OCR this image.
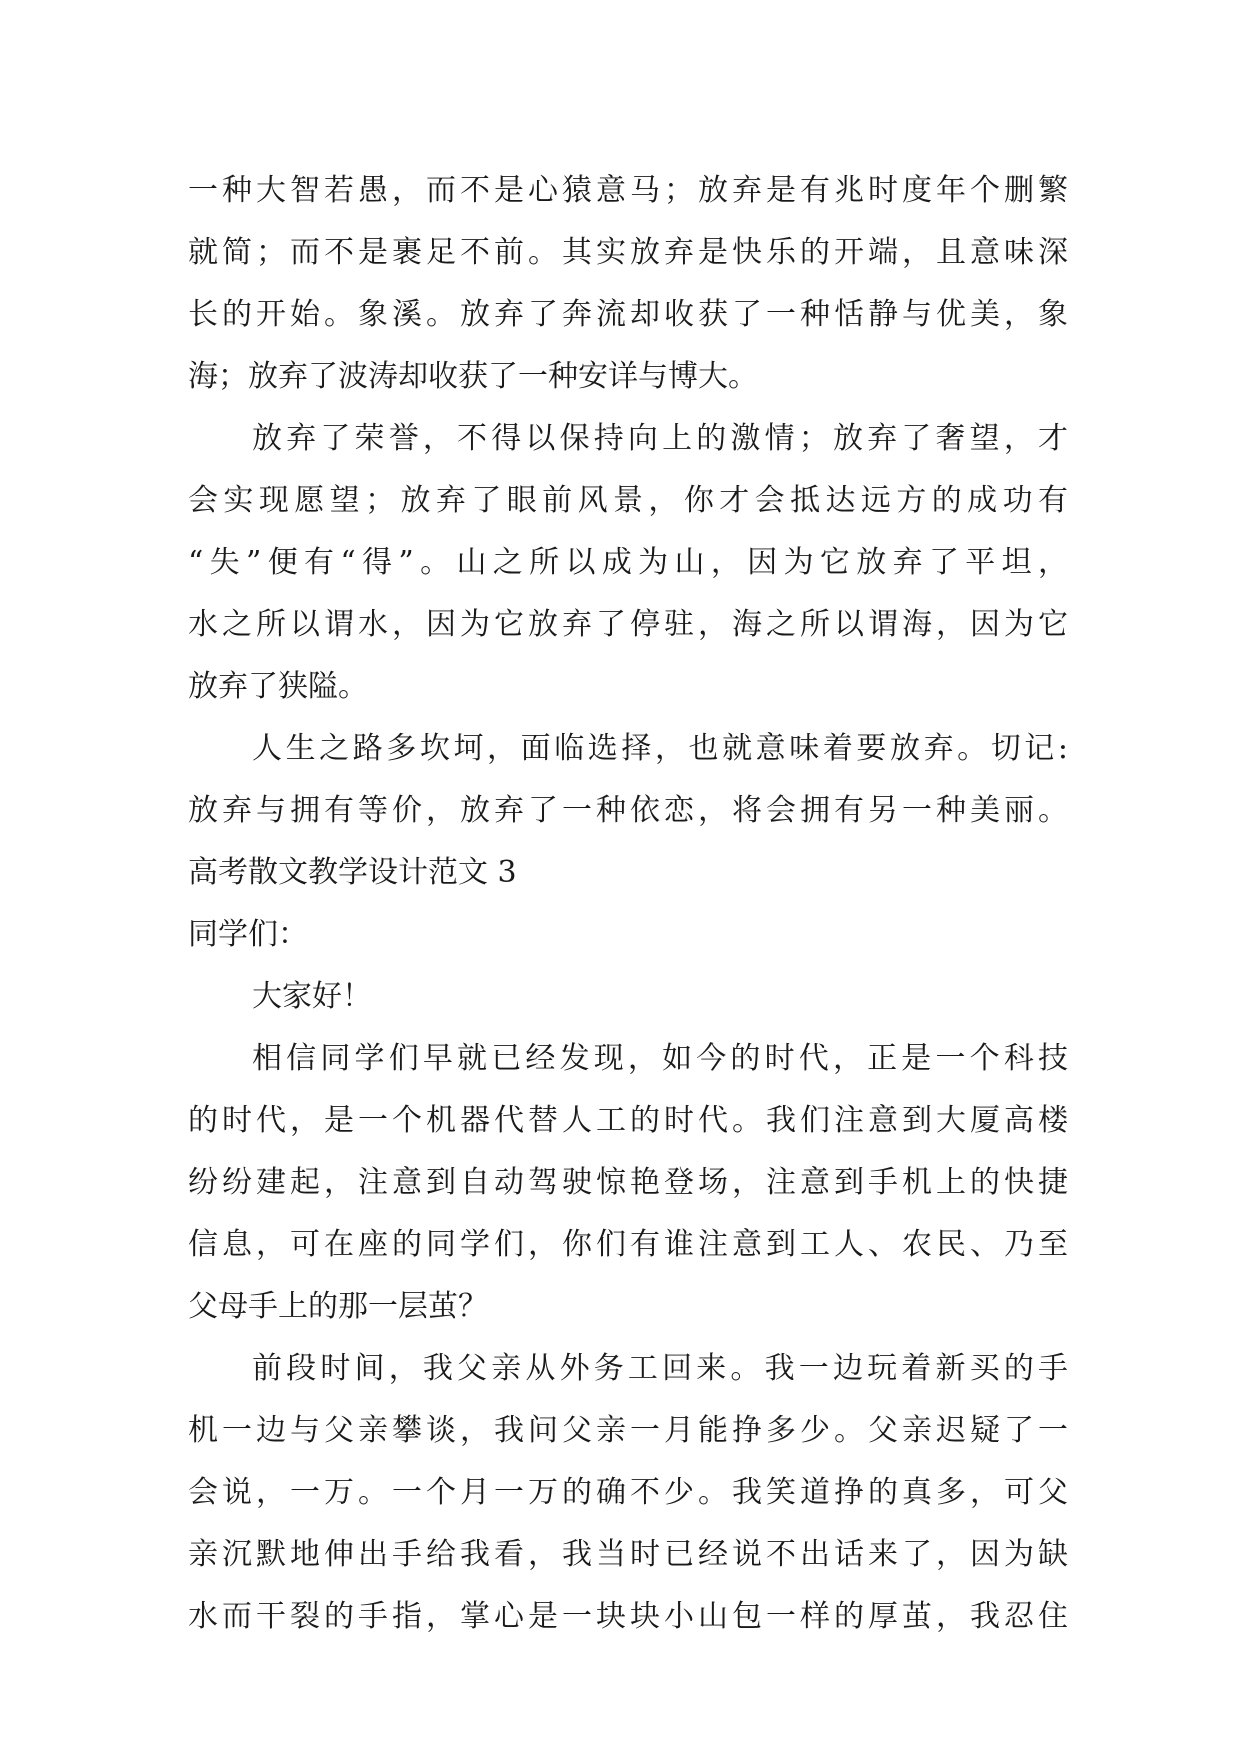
一种大智若愚，而不是心猿意马；放弃是有兆时度年个删繁
就简；而不是裹足不前。其实放弃是快乐的开端，且意味深
长的开始。象溪。放弃了奔流却收获了一种恬静与优美，象
海；放弃了波涛却收获了一种安详与博大。
放弃了荣誉，不得以保持向上的激情；放弃了奢望，才
会实现愿望；放弃了眼前风景，你才会抵达远方的成功有
“失”便有“得”。山之所以成为山，因为它放弃了平坦，
水之所以谓水，因为它放弃了停驻，海之所以谓海，因为它
放弃了狭隘。
人生之路多坎坷，面临选择，也就意味着要放弃。切记:
放弃与拥有等价，放弃了一种依恋，将会拥有另一种美丽。
高考散文教学设计范文 3
同学们：
大家好！
相信同学们早就已经发现，如今的时代，正是一个科技
的时代，是一个机器代替人工的时代。我们注意到大厦高楼
纷纷建起，注意到自动驾驶惊艳登场，注意到手机上的快捷
信息，可在座的同学们，你们有谁注意到工人、农民、乃至
父母手上的那一层茧？
前段时间，我父亲从外务工回来。我一边玩着新买的手
机一边与父亲攀谈，我问父亲一月能挣多少。父亲迟疑了一
会说，一万。一个月一万的确不少。我笑道挣的真多，可父
亲沉默地伸出手给我看，我当时已经说不出话来了，因为缺
水而干裂的手指，掌心是一块块小山包一样的厚茧，我忍住
